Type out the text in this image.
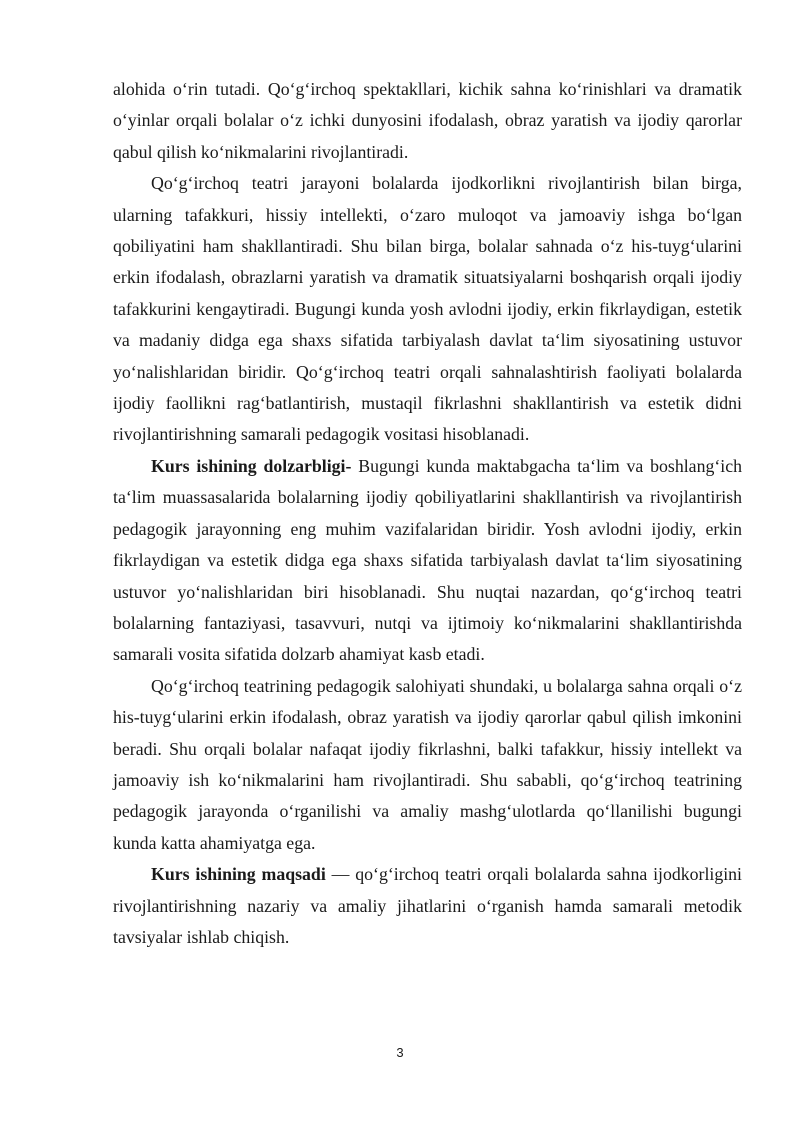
alohida o‘rin tutadi. Qo‘g‘irchoq spektakllari, kichik sahna ko‘rinishlari va dramatik o‘yinlar orqali bolalar o‘z ichki dunyosini ifodalash, obraz yaratish va ijodiy qarorlar qabul qilish ko‘nikmalarini rivojlantiradi.

Qo‘g‘irchoq teatri jarayoni bolalarda ijodkorlikni rivojlantirish bilan birga, ularning tafakkuri, hissiy intellekti, o‘zaro muloqot va jamoaviy ishga bo‘lgan qobiliyatini ham shakllantiradi. Shu bilan birga, bolalar sahnada o‘z his-tuyg‘ularini erkin ifodalash, obrazlarni yaratish va dramatik situatsiyalarni boshqarish orqali ijodiy tafakkurini kengaytiradi. Bugungi kunda yosh avlodni ijodiy, erkin fikrlaydigan, estetik va madaniy didga ega shaxs sifatida tarbiyalash davlat ta‘lim siyosatining ustuvor yo‘nalishlaridan biridir. Qo‘g‘irchoq teatri orqali sahnalashtirish faoliyati bolalarda ijodiy faollikni rag‘batlantirish, mustaqil fikrlashni shakllantirish va estetik didni rivojlantirishning samarali pedagogik vositasi hisoblanadi.

Kurs ishining dolzarbligi- Bugungi kunda maktabgacha ta‘lim va boshlang‘ich ta‘lim muassasalarida bolalarning ijodiy qobiliyatlarini shakllantirish va rivojlantirish pedagogik jarayonning eng muhim vazifalaridan biridir. Yosh avlodni ijodiy, erkin fikrlaydigan va estetik didga ega shaxs sifatida tarbiyalash davlat ta‘lim siyosatining ustuvor yo‘nalishlaridan biri hisoblanadi. Shu nuqtai nazardan, qo‘g‘irchoq teatri bolalarning fantaziyasi, tasavvuri, nutqi va ijtimoiy ko‘nikmalarini shakllantirishda samarali vosita sifatida dolzarb ahamiyat kasb etadi.

Qo‘g‘irchoq teatrining pedagogik salohiyati shundaki, u bolalarga sahna orqali o‘z his-tuyg‘ularini erkin ifodalash, obraz yaratish va ijodiy qarorlar qabul qilish imkonini beradi. Shu orqali bolalar nafaqat ijodiy fikrlashni, balki tafakkur, hissiy intellekt va jamoaviy ish ko‘nikmalarini ham rivojlantiradi. Shu sababli, qo‘g‘irchoq teatrining pedagogik jarayonda o‘rganilishi va amaliy mashg‘ulotlarda qo‘llanilishi bugungi kunda katta ahamiyatga ega.

Kurs ishining maqsadi — qo‘g‘irchoq teatri orqali bolalarda sahna ijodkorligini rivojlantirishning nazariy va amaliy jihatlarini o‘rganish hamda samarali metodik tavsiyalar ishlab chiqish.

3
